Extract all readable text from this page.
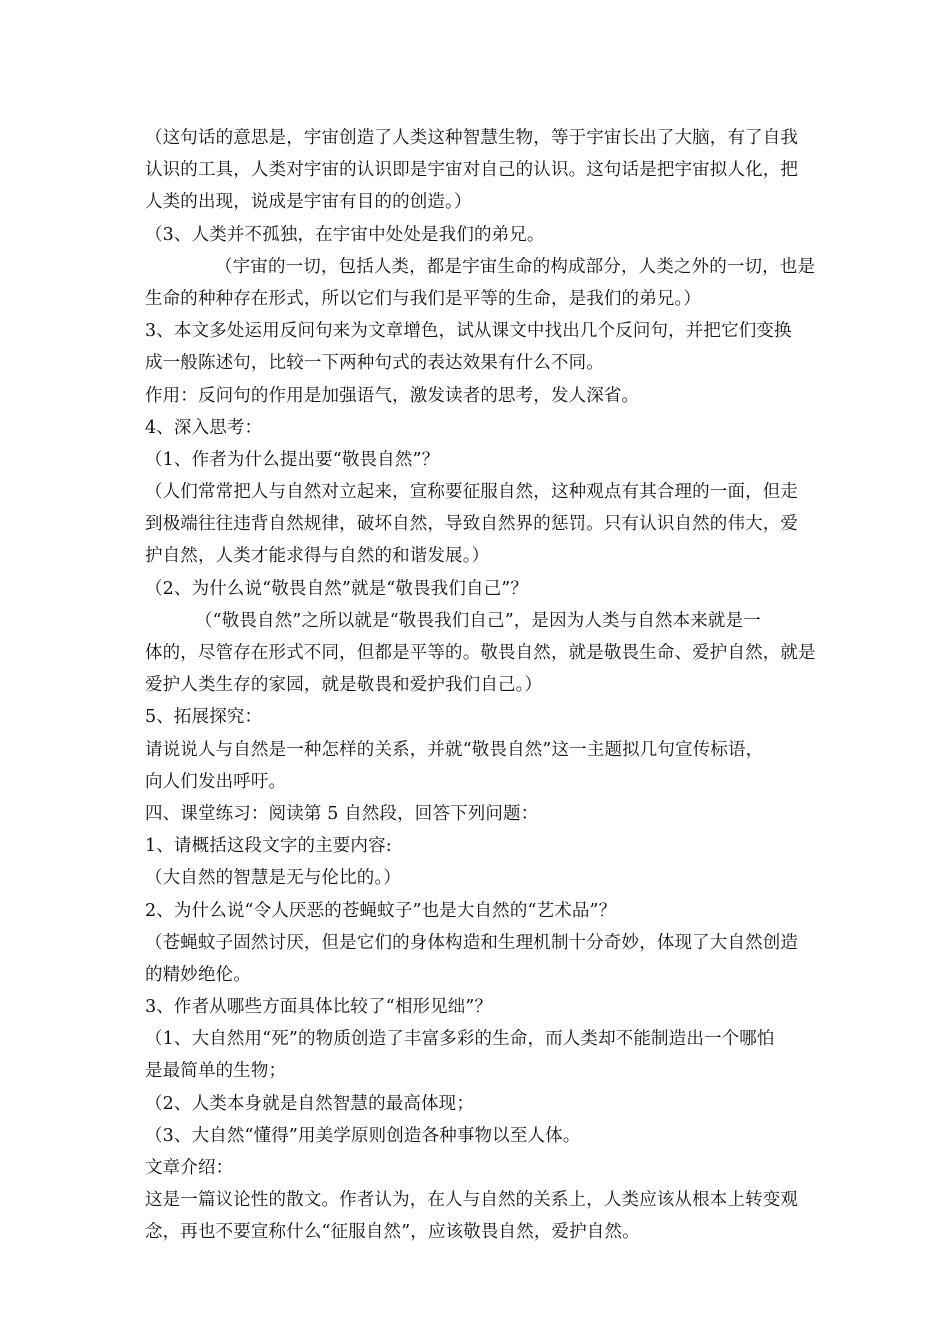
（这句话的意思是，宇宙创造了人类这种智慧生物，等于宇宙长出了大脑，有了自我
认识的工具，人类对宇宙的认识即是宇宙对自己的认识。这句话是把宇宙拟人化，把
人类的出现，说成是宇宙有目的的创造。）
（3、人类并不孤独，在宇宙中处处是我们的弟兄。
（宇宙的一切，包括人类，都是宇宙生命的构成部分，人类之外的一切，也是
生命的种种存在形式，所以它们与我们是平等的生命，是我们的弟兄。）
3、本文多处运用反问句来为文章增色，试从课文中找出几个反问句，并把它们变换
成一般陈述句，比较一下两种句式的表达效果有什么不同。
作用：反问句的作用是加强语气，激发读者的思考，发人深省。
4、深入思考：
（1、作者为什么提出要“敬畏自然”？
（人们常常把人与自然对立起来，宣称要征服自然，这种观点有其合理的一面，但走
到极端往往违背自然规律，破坏自然，导致自然界的惩罚。只有认识自然的伟大，爱
护自然，人类才能求得与自然的和谐发展。）
（2、为什么说“敬畏自然”就是“敬畏我们自己”？
（“敬畏自然”之所以就是“敬畏我们自己”，是因为人类与自然本来就是一
体的，尽管存在形式不同，但都是平等的。敬畏自然，就是敬畏生命、爱护自然，就是
爱护人类生存的家园，就是敬畏和爱护我们自己。）
5、拓展探究：
请说说人与自然是一种怎样的关系，并就“敬畏自然”这一主题拟几句宣传标语，
向人们发出呼吁。
四、课堂练习：阅读第 5 自然段，回答下列问题：
1、请概括这段文字的主要内容:
（大自然的智慧是无与伦比的。）
2、为什么说“令人厌恶的苍蝇蚊子”也是大自然的“艺术品”？
（苍蝇蚊子固然讨厌，但是它们的身体构造和生理机制十分奇妙，体现了大自然创造
的精妙绝伦。
3、作者从哪些方面具体比较了“相形见绌”？
（1、大自然用“死”的物质创造了丰富多彩的生命，而人类却不能制造出一个哪怕
是最简单的生物；
（2、人类本身就是自然智慧的最高体现；
（3、大自然“懂得”用美学原则创造各种事物以至人体。
文章介绍：
这是一篇议论性的散文。作者认为，在人与自然的关系上，人类应该从根本上转变观
念，再也不要宣称什么“征服自然”，应该敬畏自然，爱护自然。
